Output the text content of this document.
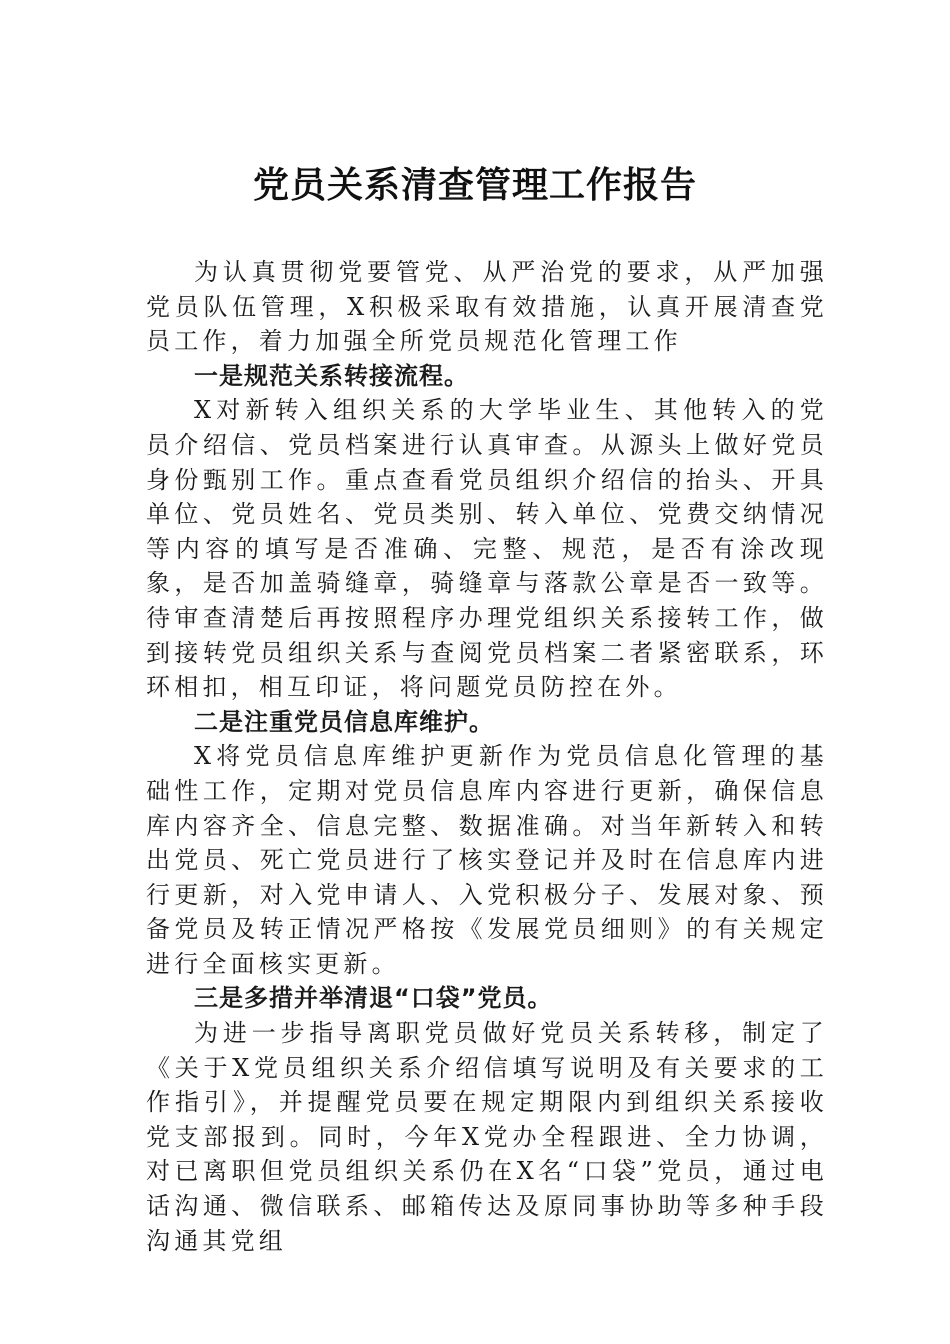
党员关系清查管理工作报告

为认真贯彻党要管党、从严治党的要求，从严加强党员队伍管理，X积极采取有效措施，认真开展清查党员工作，着力加强全所党员规范化管理工作

一是规范关系转接流程。

X对新转入组织关系的大学毕业生、其他转入的党员介绍信、党员档案进行认真审查。从源头上做好党员身份甄别工作。重点查看党员组织介绍信的抬头、开具单位、党员姓名、党员类别、转入单位、党费交纳情况等内容的填写是否准确、完整、规范，是否有涂改现象，是否加盖骑缝章，骑缝章与落款公章是否一致等。待审查清楚后再按照程序办理党组织关系接转工作，做到接转党员组织关系与查阅党员档案二者紧密联系，环环相扣，相互印证，将问题党员防控在外。

二是注重党员信息库维护。

X将党员信息库维护更新作为党员信息化管理的基础性工作，定期对党员信息库内容进行更新，确保信息库内容齐全、信息完整、数据准确。对当年新转入和转出党员、死亡党员进行了核实登记并及时在信息库内进行更新，对入党申请人、入党积极分子、发展对象、预备党员及转正情况严格按《发展党员细则》的有关规定进行全面核实更新。

三是多措并举清退“口袋”党员。

为进一步指导离职党员做好党员关系转移，制定了《关于X党员组织关系介绍信填写说明及有关要求的工作指引》，并提醒党员要在规定期限内到组织关系接收党支部报到。同时，今年X党办全程跟进、全力协调，对已离职但党员组织关系仍在X名“口袋”党员，通过电话沟通、微信联系、邮箱传达及原同事协助等多种手段沟通其党组
